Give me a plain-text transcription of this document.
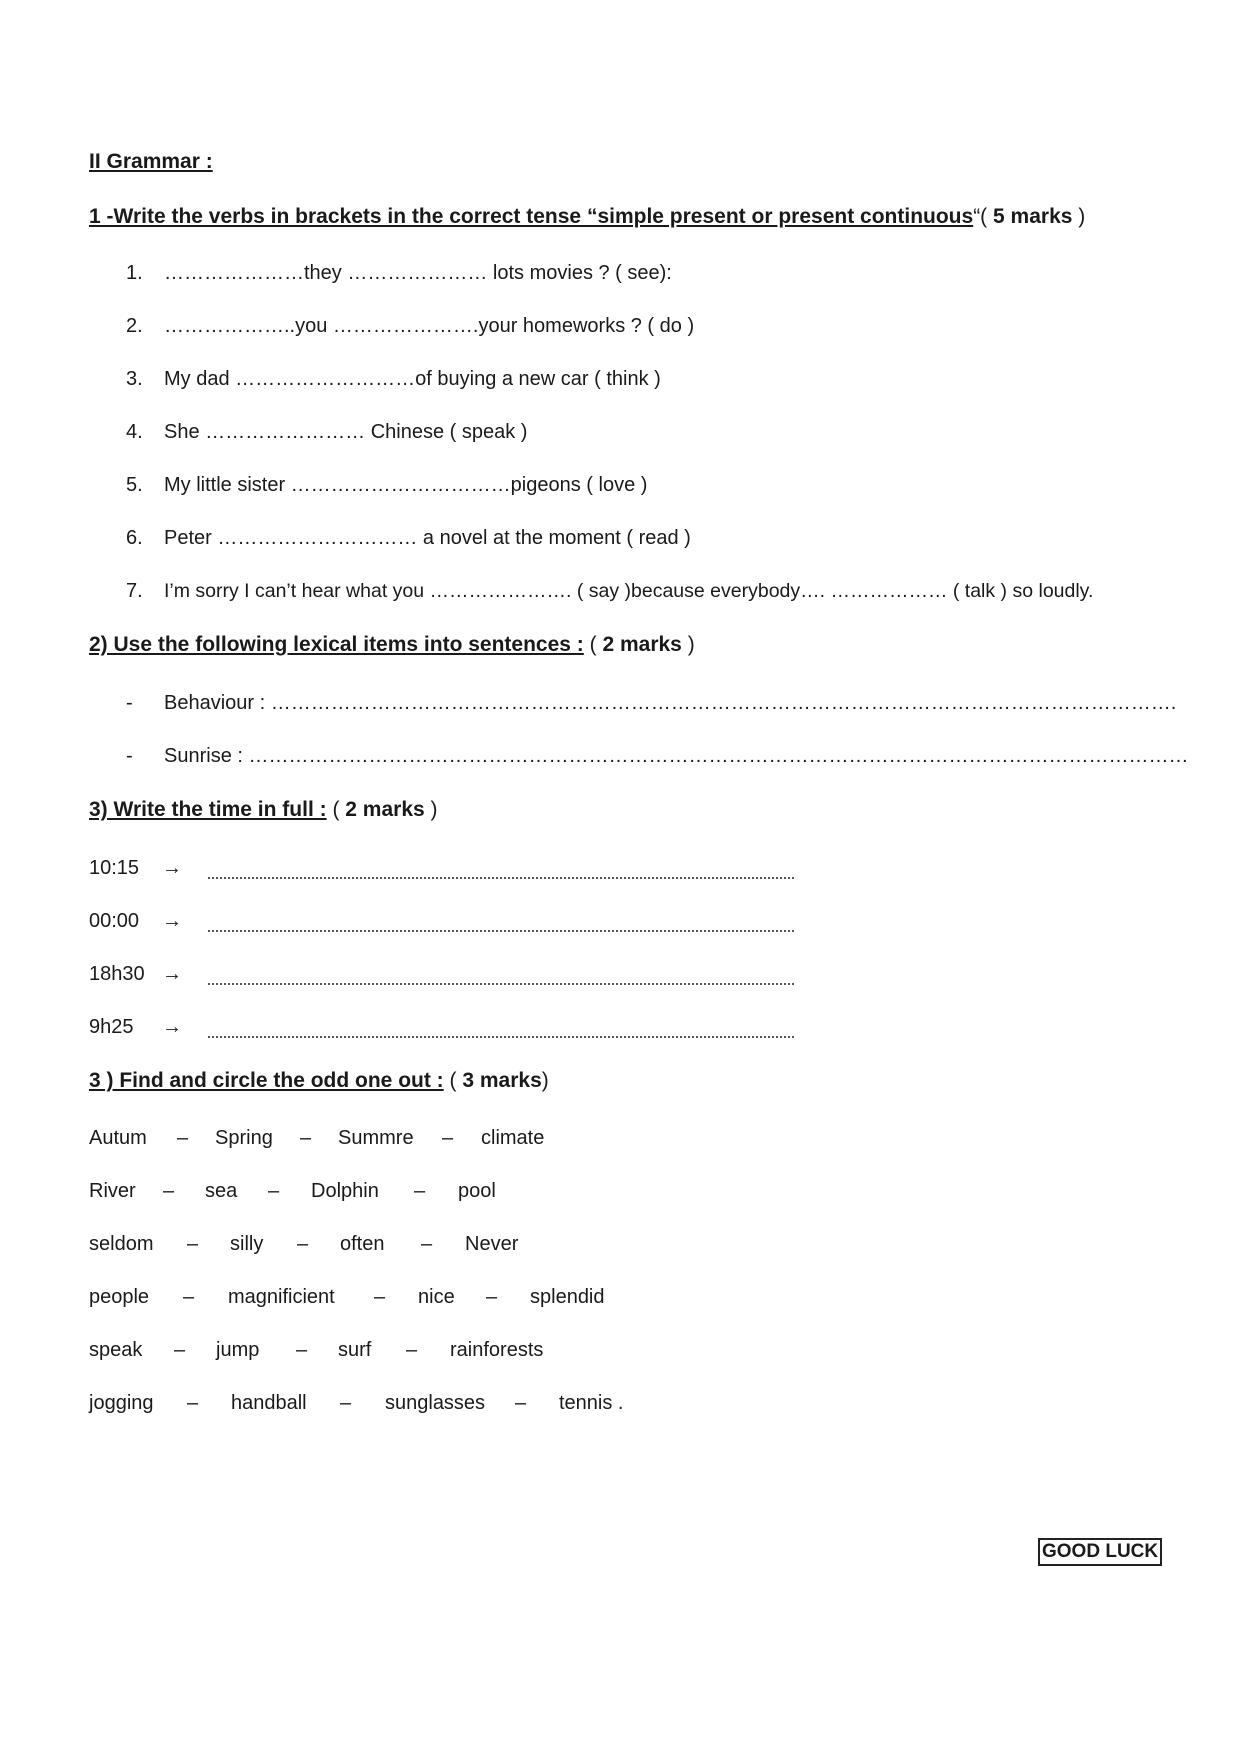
II Grammar :
1 -Write the verbs in brackets in the correct tense “simple present or present continuous“( 5 marks )
1. …………………they ………………… lots movies ? ( see):
2. ………………..you ………………….your homeworks ? ( do )
3. My dad ………………………of buying a new car ( think )
4. She …………………… Chinese ( speak )
5. My little sister ……………………………pigeons ( love )
6. Peter ………………………… a novel at the moment ( read )
7. I’m sorry I can’t hear what you …………………. ( say )because everybody…. ……………… ( talk ) so loudly.
2) Use the following lexical items into sentences : ( 2 marks )
- Behaviour : ……………………………………………………………………………………………………………………….
- Sunrise : ……………………………………………………………………………………………………………………………
3) Write the time in full : ( 2 marks )
10:15 →
00:00 →
18h30 →
9h25 →
3 ) Find and circle the odd one out : ( 3 marks)
Autum – Spring – Summre – climate
River – sea – Dolphin – pool
seldom – silly – often – Never
people – magnificient – nice – splendid
speak – jump – surf – rainforests
jogging – handball – sunglasses – tennis .
GOOD LUCK
